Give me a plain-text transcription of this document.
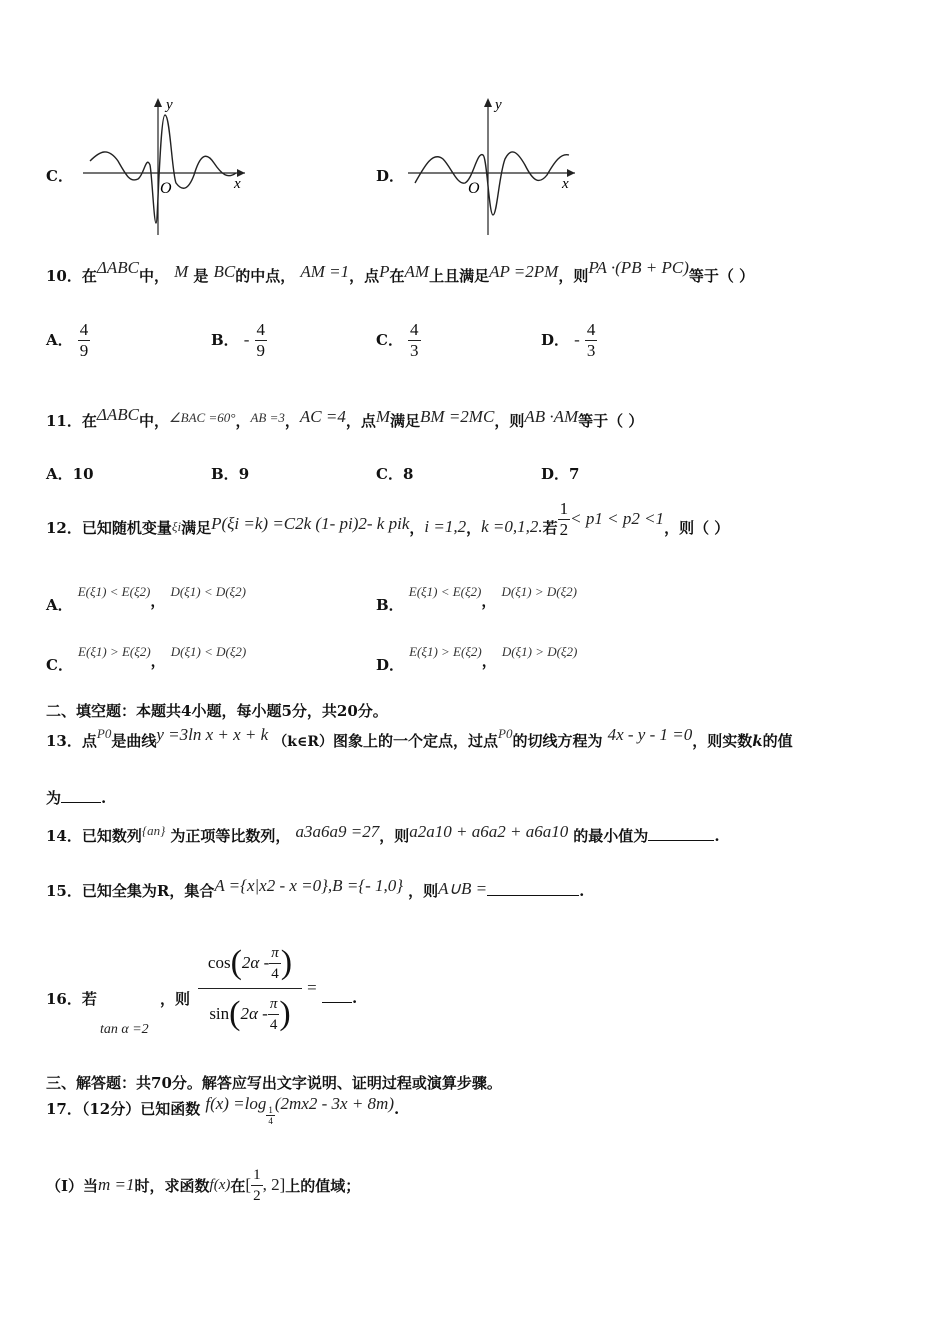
C．
y
x
O
D．
y
x
O
10．在ΔABC中， M 是 BC的中点， AM =1，点P在AM上且满足AP =2PM，则PA ·(PB + PC)等于（ ）
A． $\frac{4}{9}$	B． - $\frac{4}{9}$	C． $\frac{4}{3}$	D． - $\frac{4}{3}$
11．在ΔABC中，$^{\angle BAC =60^\circ}$，$^{AB =3}$，AC =4，点M满足BM =2MC，则AB ·AM等于（ ）
A．10	B．9	C．8	D．7
12． 已知随机变量 ξi 满足 P(ξi =k) =C2k (1- pi)2- k pik ， i =1,2 ， k =0,1,2. 若 $\frac{1}{2} < p1 < p2 <1$ ，则（ ）
A． E(ξ1) < E(ξ2)， D(ξ1) < D(ξ2)
B． E(ξ1) < E(ξ2)， D(ξ1) > D(ξ2)
C． E(ξ1) > E(ξ2)， D(ξ1) < D(ξ2)
D． E(ξ1) > E(ξ2)， D(ξ1) > D(ξ2)
二、填空题：本题共4小题，每小题5分，共20分。
13．点$^{P0}$是曲线y =3ln x + x + k （k∈R）图象上的一个定点，过点$^{P0}$的切线方程为 4x - y - 1 =0，则实数k的值
为	.
14．已知数列$^{\{an\}}$ 为正项等比数列， a3a6a9 =27，则a2a10 + a6a2 + a6a10 的最小值为	.
15．已知全集为R，集合A ={x|x2 - x =0},B ={- 1,0} ，则A∪B =	.
16．若
tan α =2
，则 $\frac{\cos ( 2\alpha - \frac{\pi}{4} )}{\sin ( 2\alpha - \frac{\pi}{4} )}$ =
.
三、解答题：共70分。解答应写出文字说明、证明过程或演算步骤。
17．（12分）已知函数 f(x) =log
$\frac{1}{4}$
(2mx2 - 3x + 8m).
（Ⅰ）当 m =1 时，求函数 f(x) 在 [ $\frac{1}{2}$ , 2] 上的值域；
